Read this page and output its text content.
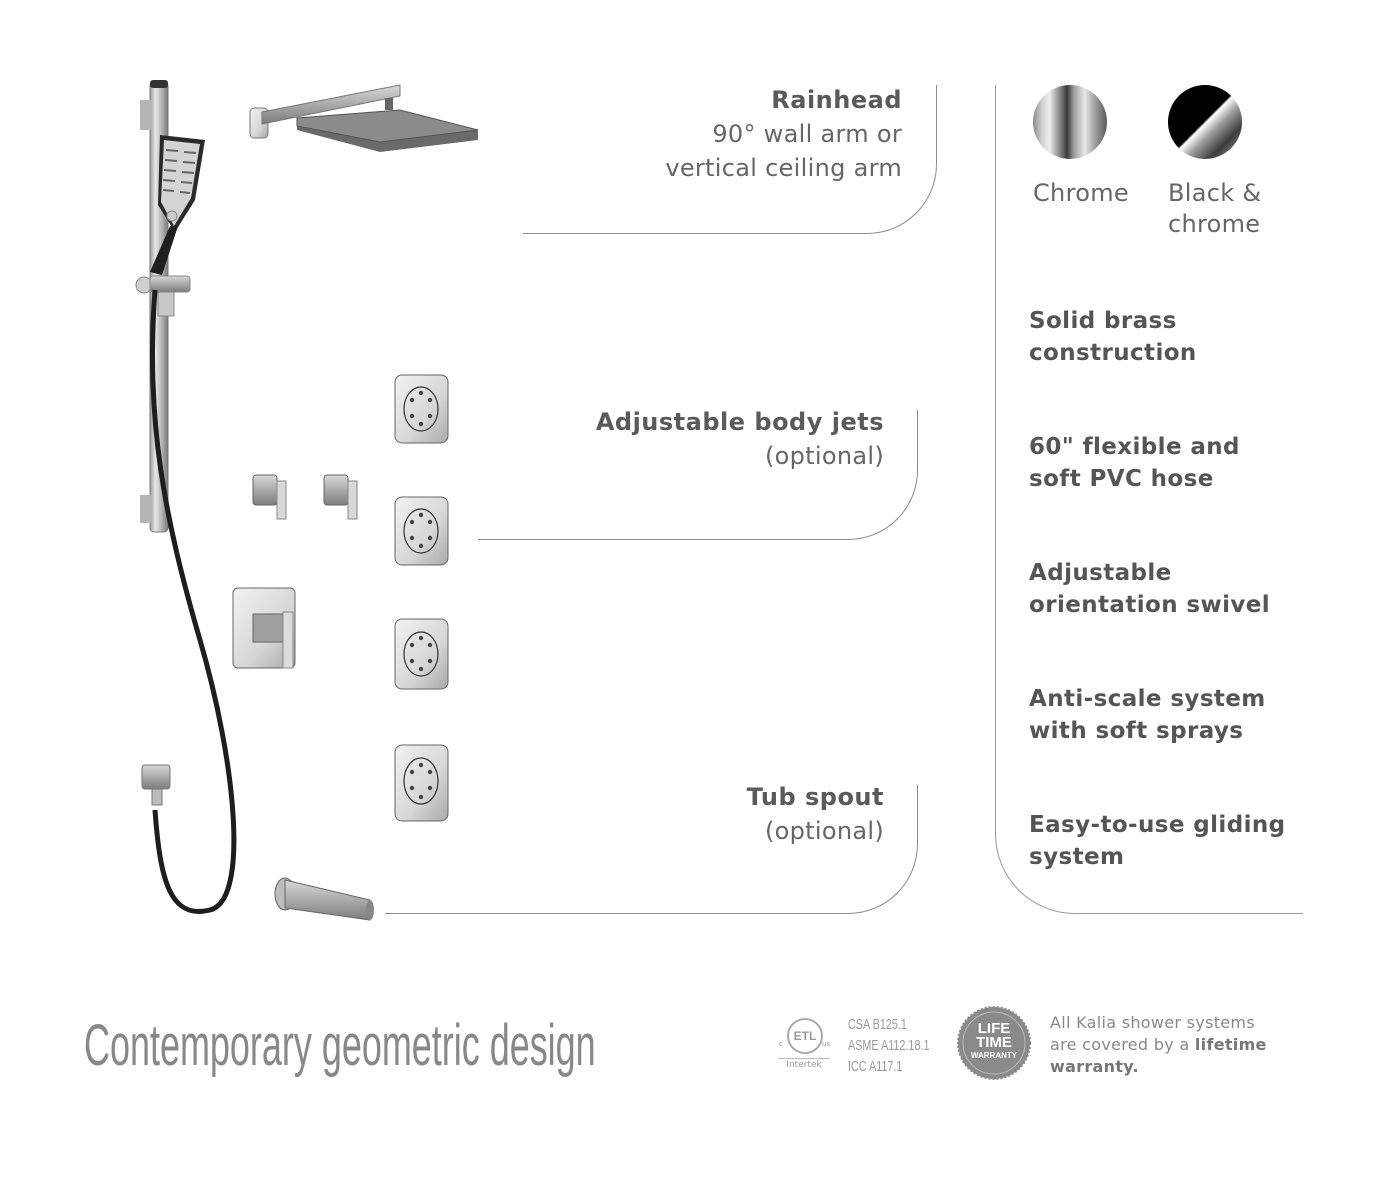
Rainhead
90° wall arm or
vertical ceiling arm
Adjustable body jets
(optional)
Tub spout
(optional)
Chrome Black &
chrome
Solid brass
construction
60" flexible and
soft PVC hose
Adjustable
orientation swivel
Anti-scale system
with soft sprays
Easy-to-use gliding
system
Contemporary geometric design	ETL
c	us
Intertek
CSA B125.1
ASME A112.18.1
ICC A117.1
LIFE
TIME
WARRANTY
All Kalia shower systems
are covered by a lifetime
warranty.
